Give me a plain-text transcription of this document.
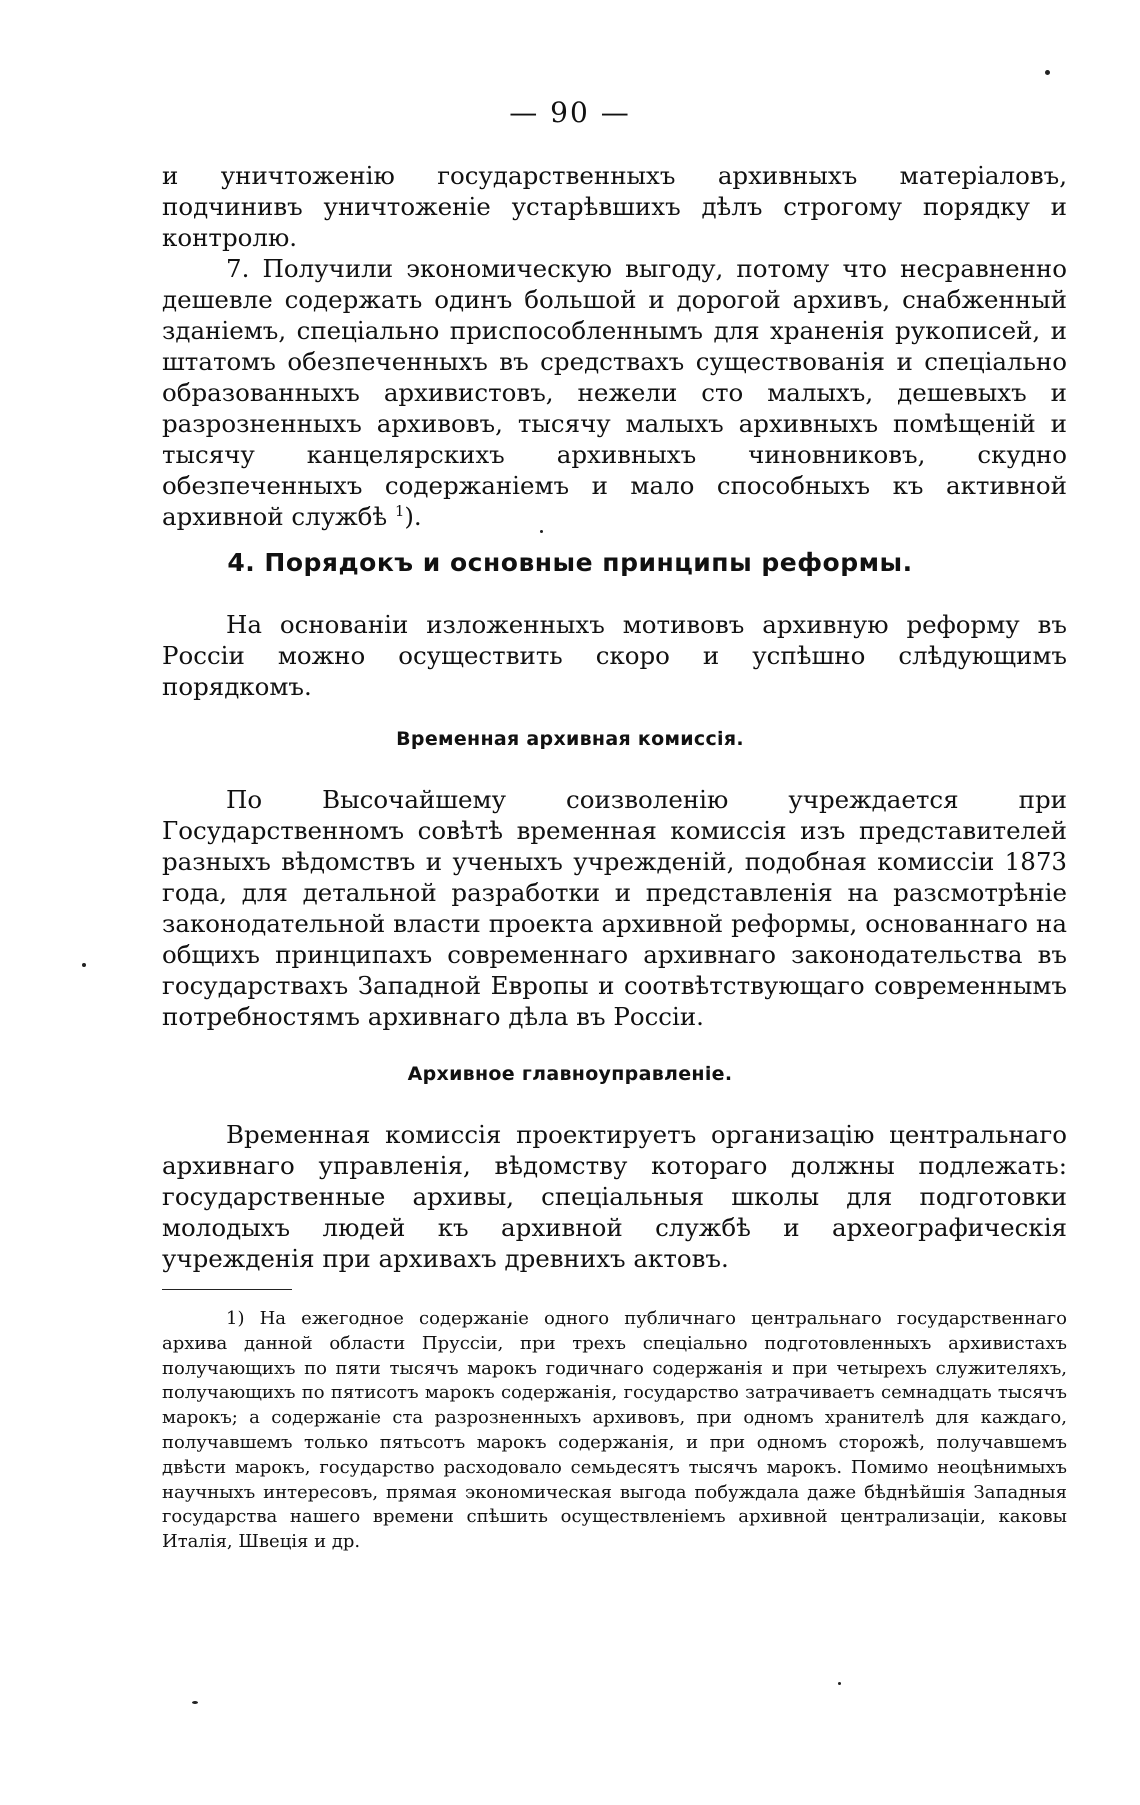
— 90 —

и уничтоженію государственныхъ архивныхъ матеріаловъ, подчинивъ уничтоженіе устарѣвшихъ дѣлъ строгому порядку и контролю.

7. Получили экономическую выгоду, потому что несравненно дешевле содержать одинъ большой и дорогой архивъ, снабженный зданіемъ, спеціально приспособленнымъ для храненія рукописей, и штатомъ обезпеченныхъ въ средствахъ существованія и спеціально образованныхъ архивистовъ, нежели сто малыхъ, дешевыхъ и разрозненныхъ архивовъ, тысячу малыхъ архивныхъ помѣщеній и тысячу канцелярскихъ архивныхъ чиновниковъ, скудно обезпеченныхъ содержаніемъ и мало способныхъ къ активной архивной службѣ $^1$).

4. Порядокъ и основные принципы реформы.

На основаніи изложенныхъ мотивовъ архивную реформу въ Россіи можно осуществить скоро и успѣшно слѣдующимъ порядкомъ.

Временная архивная комиссія.

По Высочайшему соизволенію учреждается при Государственномъ совѣтѣ временная комиссія изъ представителей разныхъ вѣдомствъ и ученыхъ учрежденій, подобная комиссіи 1873 года, для детальной разработки и представленія на разсмотрѣніе законодательной власти проекта архивной реформы, основаннаго на общихъ принципахъ современнаго архивнаго законодательства въ государствахъ Западной Европы и соотвѣтствующаго современнымъ потребностямъ архивнаго дѣла въ Россіи.

Архивное главноуправленіе.

Временная комиссія проектируетъ организацію центральнаго архивнаго управленія, вѣдомству котораго должны подлежать: государственные архивы, спеціальныя школы для подготовки молодыхъ людей къ архивной службѣ и археографическія учрежденія при архивахъ древнихъ актовъ.

1) На ежегодное содержаніе одного публичнаго центральнаго государственнаго архива данной области Пруссіи, при трехъ спеціально подготовленныхъ архивистахъ получающихъ по пяти тысячъ марокъ годичнаго содержанія и при четырехъ служителяхъ, получающихъ по пятисотъ марокъ содержанія, государство затрачиваетъ семнадцать тысячъ марокъ; а содержаніе ста разрозненныхъ архивовъ, при одномъ хранителѣ для каждаго, получавшемъ только пятьсотъ марокъ содержанія, и при одномъ сторожѣ, получавшемъ двѣсти марокъ, государство расходовало семьдесятъ тысячъ марокъ. Помимо неоцѣнимыхъ научныхъ интересовъ, прямая экономическая выгода побуждала даже бѣднѣйшія Западныя государства нашего времени спѣшить осуществленіемъ архивной централизаціи, каковы Италія, Швеція и др.
